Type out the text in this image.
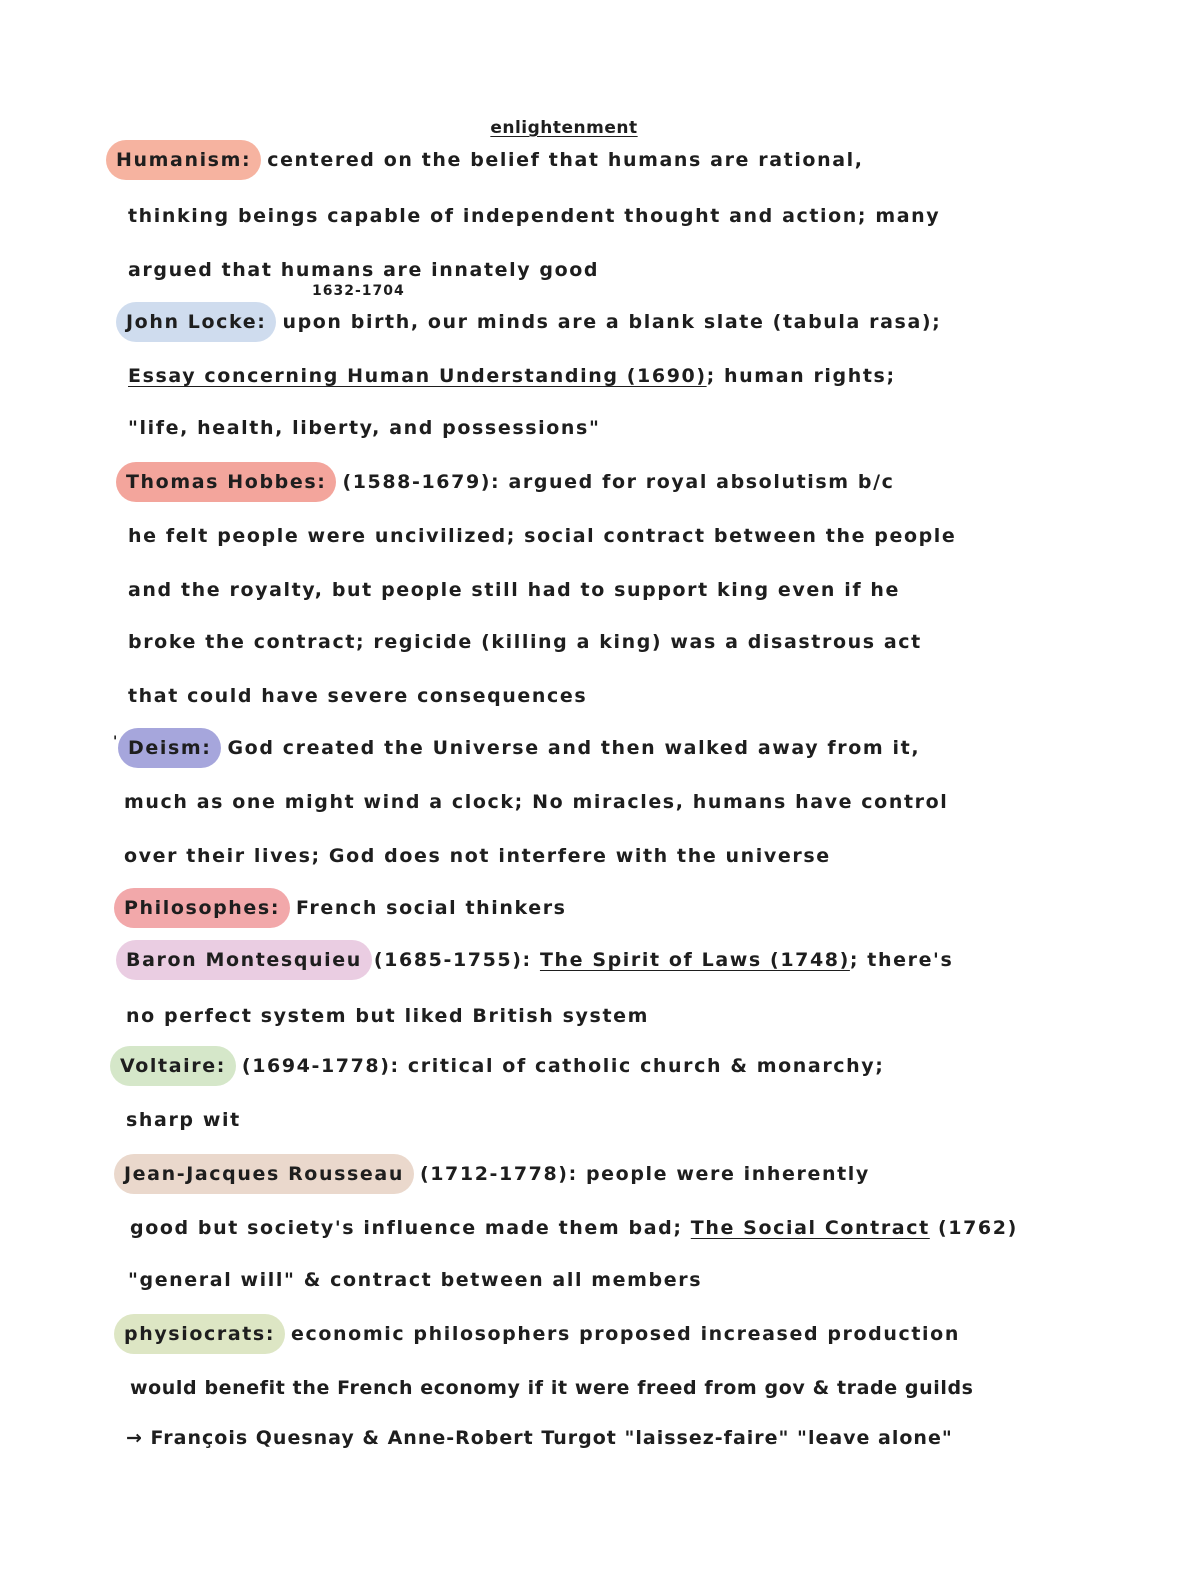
enlightenment
Humanism: centered on the belief that humans are rational,
thinking beings capable of independent thought and action; many
argued that humans are innately good
1632-1704
John Locke: upon birth, our minds are a blank slate (tabula rasa);
Essay concerning Human Understanding (1690); human rights;
"life, health, liberty, and possessions"
Thomas Hobbes: (1588-1679): argued for royal absolutism b/c
he felt people were uncivilized; social contract between the people
and the royalty, but people still had to support king even if he
broke the contract; regicide (killing a king) was a disastrous act
that could have severe consequences
' Deism: God created the Universe and then walked away from it,
much as one might wind a clock; No miracles, humans have control
over their lives; God does not interfere with the universe
Philosophes: French social thinkers
Baron Montesquieu (1685-1755): The Spirit of Laws (1748); there's
no perfect system but liked British system
Voltaire: (1694-1778): critical of catholic church & monarchy;
sharp wit
Jean-Jacques Rousseau (1712-1778): people were inherently
good but society's influence made them bad; The Social Contract (1762)
"general will" & contract between all members
physiocrats: economic philosophers proposed increased production
would benefit the French economy if it were freed from gov & trade guilds
→ François Quesnay & Anne-Robert Turgot "laissez-faire" "leave alone"
